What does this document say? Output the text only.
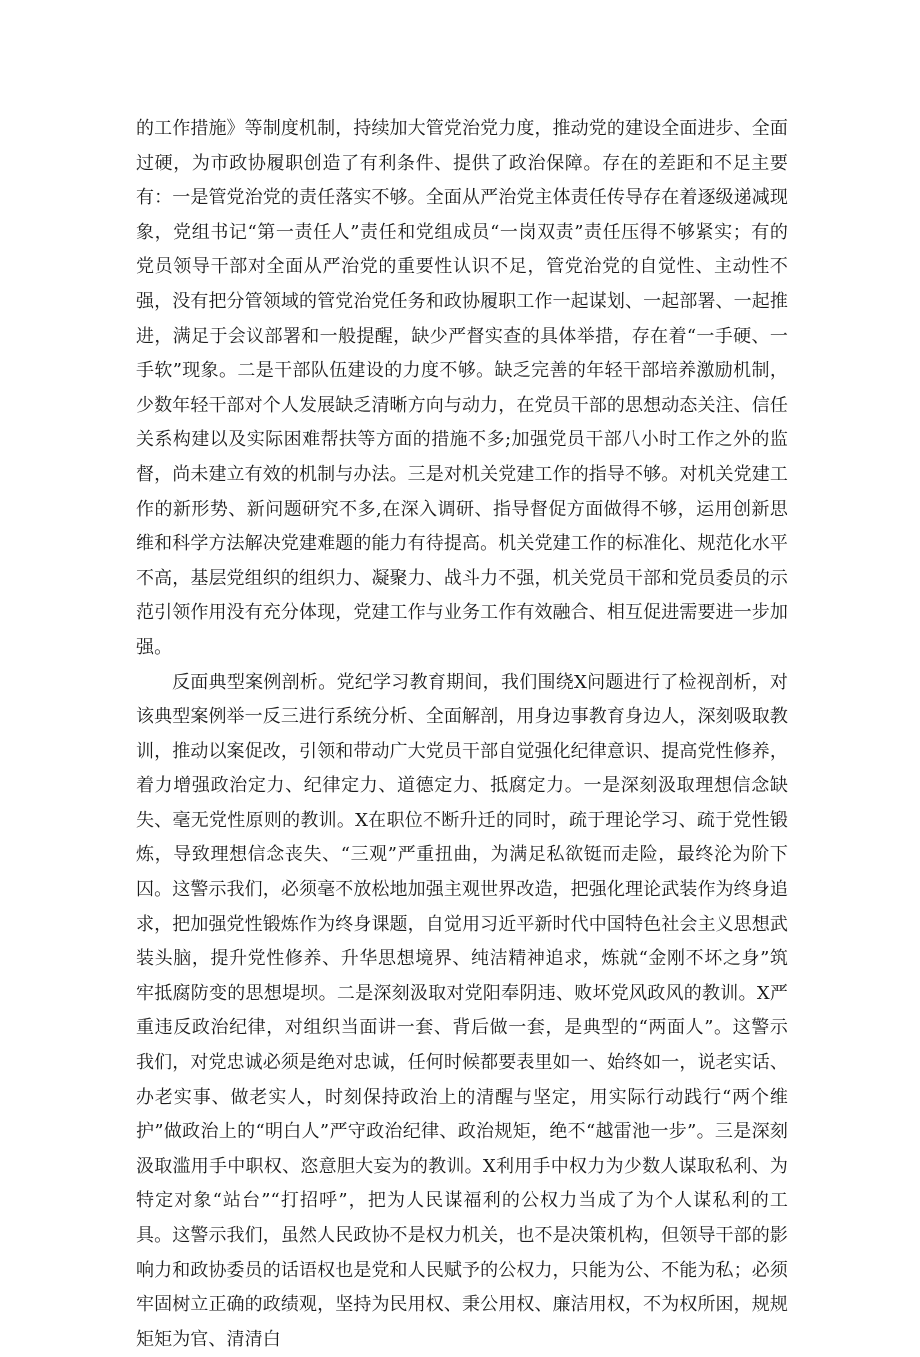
的工作措施》等制度机制，持续加大管党治党力度，推动党的建设全面进步、全面过硬，为市政协履职创造了有利条件、提供了政治保障。存在的差距和不足主要有：一是管党治党的责任落实不够。全面从严治党主体责任传导存在着逐级递减现象，党组书记“第一责任人”责任和党组成员“一岗双责”责任压得不够紧实；有的党员领导干部对全面从严治党的重要性认识不足，管党治党的自觉性、主动性不强，没有把分管领域的管党治党任务和政协履职工作一起谋划、一起部署、一起推进，满足于会议部署和一般提醒，缺少严督实查的具体举措，存在着“一手硬、一手软”现象。二是干部队伍建设的力度不够。缺乏完善的年轻干部培养激励机制，少数年轻干部对个人发展缺乏清晰方向与动力，在党员干部的思想动态关注、信任关系构建以及实际困难帮扶等方面的措施不多;加强党员干部八小时工作之外的监督，尚未建立有效的机制与办法。三是对机关党建工作的指导不够。对机关党建工作的新形势、新问题研究不多,在深入调研、指导督促方面做得不够，运用创新思维和科学方法解决党建难题的能力有待提高。机关党建工作的标准化、规范化水平不高，基层党组织的组织力、凝聚力、战斗力不强，机关党员干部和党员委员的示范引领作用没有充分体现，党建工作与业务工作有效融合、相互促进需要进一步加强。

反面典型案例剖析。党纪学习教育期间，我们围绕X问题进行了检视剖析，对该典型案例举一反三进行系统分析、全面解剖，用身边事教育身边人，深刻吸取教训，推动以案促改，引领和带动广大党员干部自觉强化纪律意识、提高党性修养，着力增强政治定力、纪律定力、道德定力、抵腐定力。一是深刻汲取理想信念缺失、毫无党性原则的教训。X在职位不断升迁的同时，疏于理论学习、疏于党性锻炼，导致理想信念丧失、“三观”严重扭曲，为满足私欲铤而走险，最终沦为阶下囚。这警示我们，必须毫不放松地加强主观世界改造，把强化理论武装作为终身追求，把加强党性锻炼作为终身课题，自觉用习近平新时代中国特色社会主义思想武装头脑，提升党性修养、升华思想境界、纯洁精神追求，炼就“金刚不坏之身”筑牢抵腐防变的思想堤坝。二是深刻汲取对党阳奉阴违、败坏党风政风的教训。X严重违反政治纪律，对组织当面讲一套、背后做一套，是典型的“两面人”。这警示我们，对党忠诚必须是绝对忠诚，任何时候都要表里如一、始终如一，说老实话、办老实事、做老实人，时刻保持政治上的清醒与坚定，用实际行动践行“两个维护”做政治上的“明白人”严守政治纪律、政治规矩，绝不“越雷池一步”。三是深刻汲取滥用手中职权、恣意胆大妄为的教训。X利用手中权力为少数人谋取私利、为特定对象“站台”“打招呼”，把为人民谋福利的公权力当成了为个人谋私利的工具。这警示我们，虽然人民政协不是权力机关，也不是决策机构，但领导干部的影响力和政协委员的话语权也是党和人民赋予的公权力，只能为公、不能为私；必须牢固树立正确的政绩观，坚持为民用权、秉公用权、廉洁用权，不为权所困，规规矩矩为官、清清白
